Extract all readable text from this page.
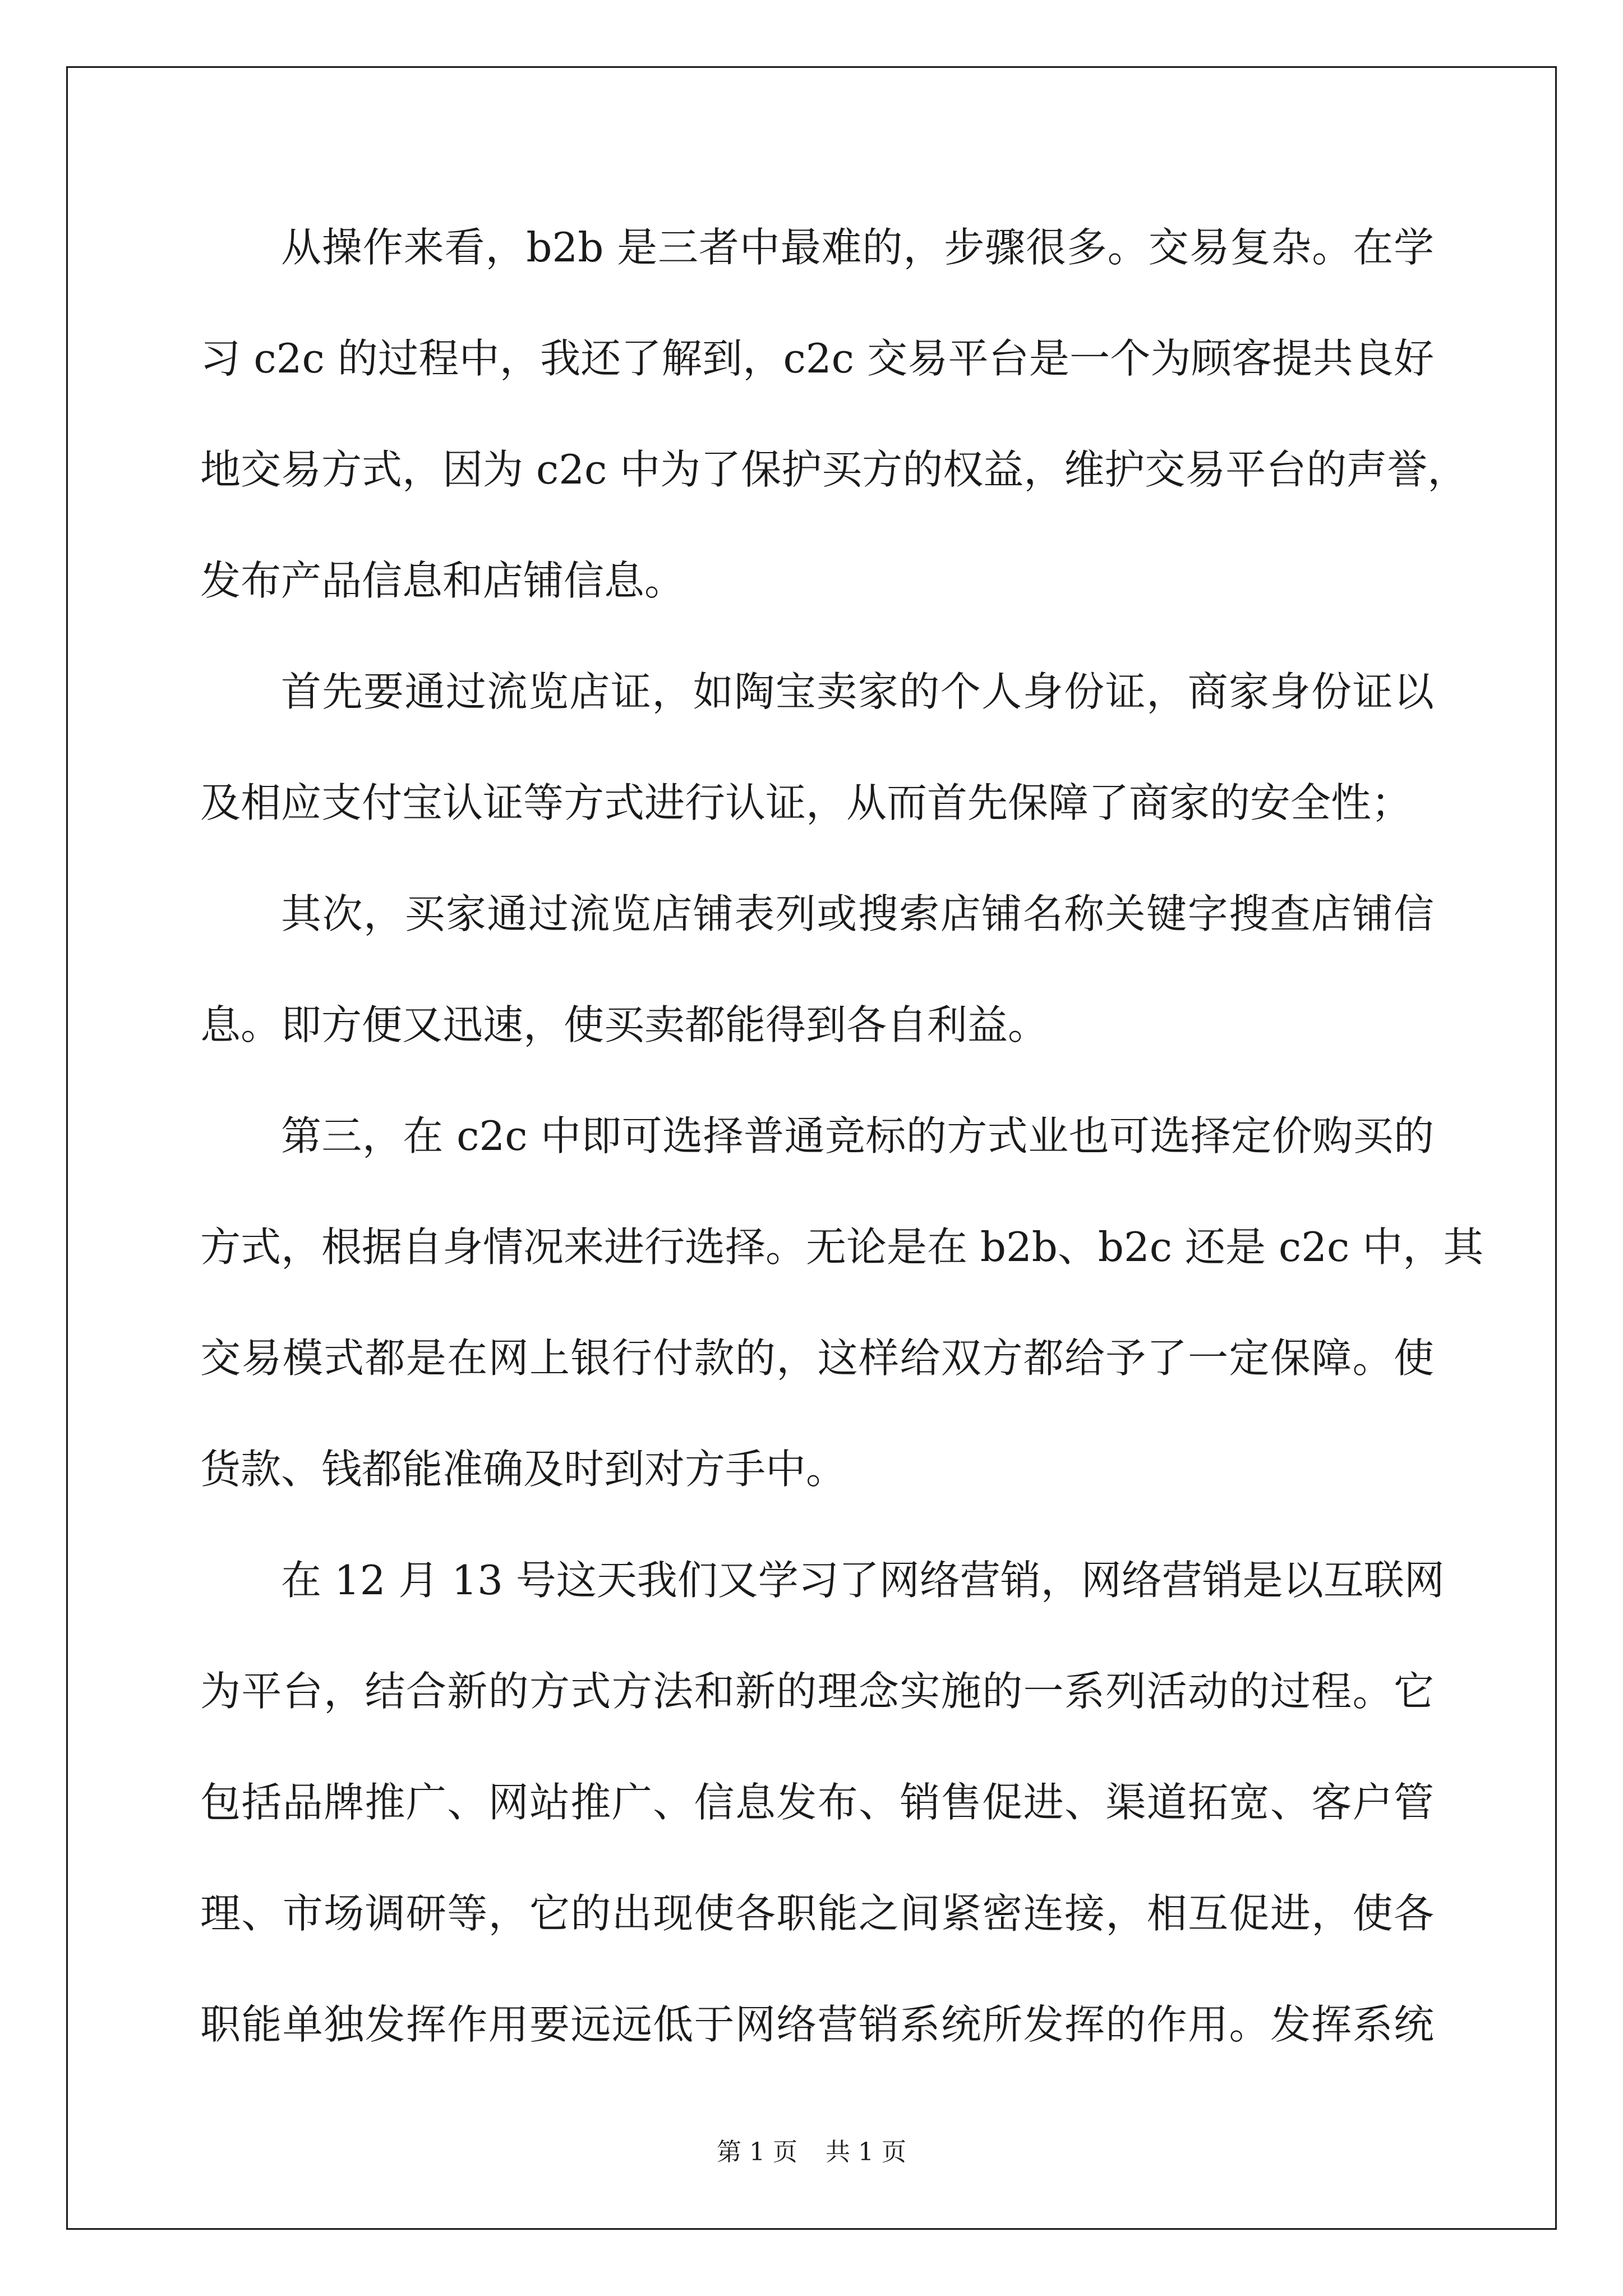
从操作来看，b2b 是三者中最难的，步骤很多。交易复杂。在学
习 c2c 的过程中，我还了解到，c2c 交易平台是一个为顾客提共良好
地交易方式，因为 c2c 中为了保护买方的权益，维护交易平台的声誉，
发布产品信息和店铺信息。
首先要通过流览店证，如陶宝卖家的个人身份证，商家身份证以
及相应支付宝认证等方式进行认证，从而首先保障了商家的安全性；
其次，买家通过流览店铺表列或搜索店铺名称关键字搜查店铺信
息。即方便又迅速，使买卖都能得到各自利益。
第三，在 c2c 中即可选择普通竞标的方式业也可选择定价购买的
方式，根据自身情况来进行选择。无论是在 b2b、b2c 还是 c2c 中，其
交易模式都是在网上银行付款的，这样给双方都给予了一定保障。使
货款、钱都能准确及时到对方手中。
在 12 月 13 号这天我们又学习了网络营销，网络营销是以互联网
为平台，结合新的方式方法和新的理念实施的一系列活动的过程。它
包括品牌推广、网站推广、信息发布、销售促进、渠道拓宽、客户管
理、市场调研等，它的出现使各职能之间紧密连接，相互促进，使各
职能单独发挥作用要远远低于网络营销系统所发挥的作用。发挥系统
第 1 页 共 1 页
